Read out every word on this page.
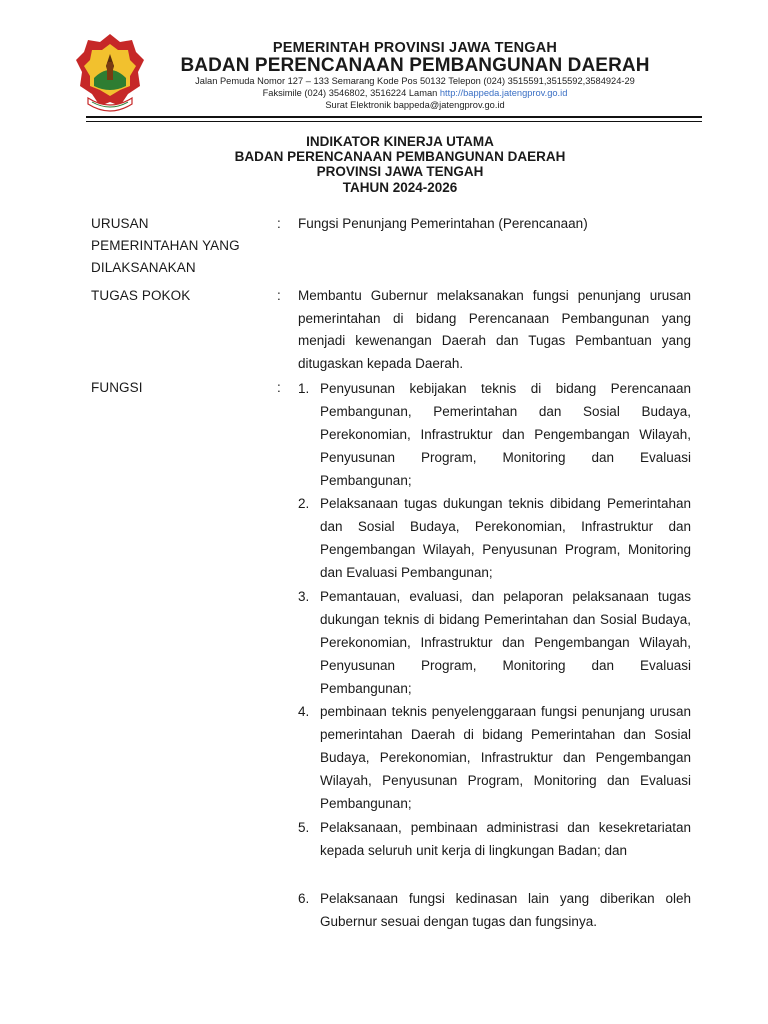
PEMERINTAH PROVINSI JAWA TENGAH
BADAN PERENCANAAN PEMBANGUNAN DAERAH
Jalan Pemuda Nomor 127 – 133 Semarang Kode Pos 50132 Telepon (024) 3515591,3515592,3584924-29
Faksimile (024) 3546802, 3516224 Laman http://bappeda.jatengprov.go.id
Surat Elektronik bappeda@jatengprov.go.id
INDIKATOR KINERJA UTAMA
BADAN PERENCANAAN PEMBANGUNAN DAERAH
PROVINSI JAWA TENGAH
TAHUN 2024-2026
URUSAN
PEMERINTAHAN YANG
DILAKSANAKAN
: Fungsi Penunjang Pemerintahan (Perencanaan)
TUGAS POKOK	: Membantu Gubernur melaksanakan fungsi penunjang urusan pemerintahan di bidang Perencanaan Pembangunan yang menjadi kewenangan Daerah dan Tugas Pembantuan yang ditugaskan kepada Daerah.
FUNGSI	: 1. Penyusunan kebijakan teknis di bidang Perencanaan Pembangunan, Pemerintahan dan Sosial Budaya, Perekonomian, Infrastruktur dan Pengembangan Wilayah, Penyusunan Program, Monitoring dan Evaluasi Pembangunan;
2. Pelaksanaan tugas dukungan teknis dibidang Pemerintahan dan Sosial Budaya, Perekonomian, Infrastruktur dan Pengembangan Wilayah, Penyusunan Program, Monitoring dan Evaluasi Pembangunan;
3. Pemantauan, evaluasi, dan pelaporan pelaksanaan tugas dukungan teknis di bidang Pemerintahan dan Sosial Budaya, Perekonomian, Infrastruktur dan Pengembangan Wilayah, Penyusunan Program, Monitoring dan Evaluasi Pembangunan;
4. pembinaan teknis penyelenggaraan fungsi penunjang urusan pemerintahan Daerah di bidang Pemerintahan dan Sosial Budaya, Perekonomian, Infrastruktur dan Pengembangan Wilayah, Penyusunan Program, Monitoring dan Evaluasi Pembangunan;
5. Pelaksanaan, pembinaan administrasi dan kesekretariatan kepada seluruh unit kerja di lingkungan Badan; dan
6. Pelaksanaan fungsi kedinasan lain yang diberikan oleh Gubernur sesuai dengan tugas dan fungsinya.
